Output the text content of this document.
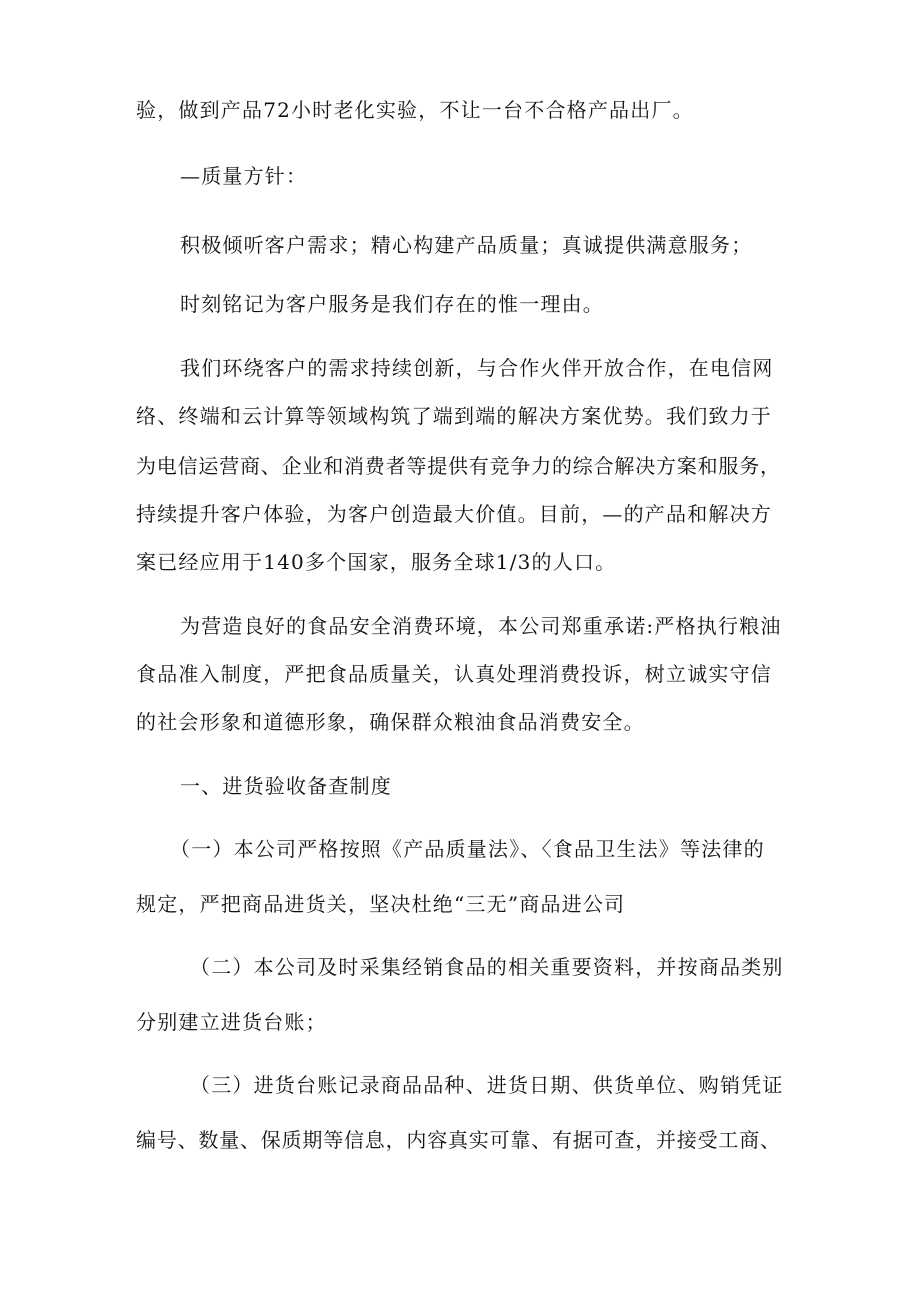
验，做到产品72小时老化实验，不让一台不合格产品出厂。
—质量方针：
积极倾听客户需求；精心构建产品质量；真诚提供满意服务；
时刻铭记为客户服务是我们存在的惟一理由。
我们环绕客户的需求持续创新，与合作火伴开放合作，在电信网
络、终端和云计算等领域构筑了端到端的解决方案优势。我们致力于
为电信运营商、企业和消费者等提供有竞争力的综合解决方案和服务，
持续提升客户体验，为客户创造最大价值。目前，—的产品和解决方
案已经应用于140多个国家，服务全球1/3的人口。
为营造良好的食品安全消费环境，本公司郑重承诺:严格执行粮油
食品准入制度，严把食品质量关，认真处理消费投诉，树立诚实守信
的社会形象和道德形象，确保群众粮油食品消费安全。
一、进货验收备查制度
（一）本公司严格按照《产品质量法》、〈食品卫生法》等法律的
规定，严把商品进货关，坚决杜绝“三无”商品进公司
（二）本公司及时采集经销食品的相关重要资料，并按商品类别
分别建立进货台账；
（三）进货台账记录商品品种、进货日期、供货单位、购销凭证
编号、数量、保质期等信息，内容真实可靠、有据可查，并接受工商、
